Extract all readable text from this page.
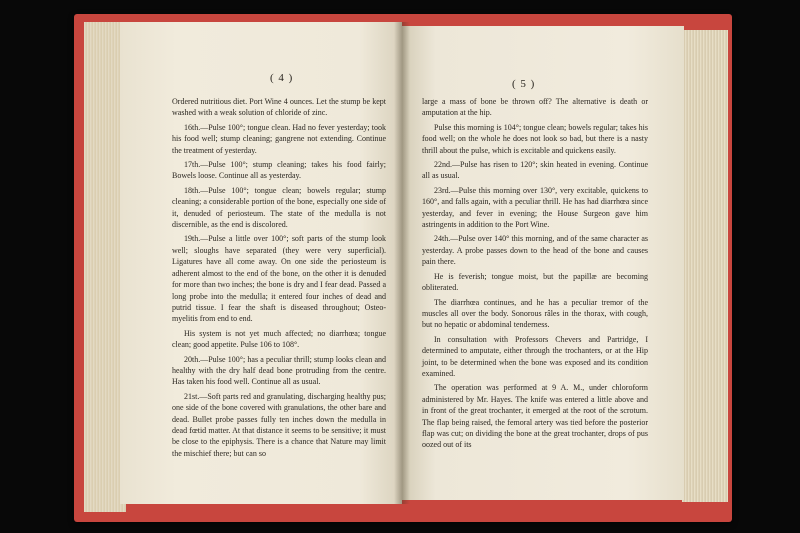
( 4 )

Ordered nutritious diet. Port Wine 4 ounces. Let the stump be kept washed with a weak solution of chloride of zinc.

16th.—Pulse 100°; tongue clean. Had no fever yesterday; took his food well; stump cleaning; gangrene not extending. Continue the treatment of yesterday.

17th.—Pulse 100°; stump cleaning; takes his food fairly; Bowels loose. Continue all as yesterday.

18th.—Pulse 100°; tongue clean; bowels regular; stump cleaning; a considerable portion of the bone, especially one side of it, denuded of periosteum. The state of the medulla is not discernible, as the end is discolored.

19th.—Pulse a little over 100°; soft parts of the stump look well; sloughs have separated (they were very superficial). Ligatures have all come away. On one side the periosteum is adherent almost to the end of the bone, on the other it is denuded for more than two inches; the bone is dry and I fear dead. Passed a long probe into the medulla; it entered four inches of dead and putrid tissue. I fear the shaft is diseased throughout; Osteo-myelitis from end to end.

His system is not yet much affected; no diarrhœa; tongue clean; good appetite. Pulse 106 to 108°.

20th.—Pulse 100°; has a peculiar thrill; stump looks clean and healthy with the dry half dead bone protruding from the centre. Has taken his food well. Continue all as usual.

21st.—Soft parts red and granulating, discharging healthy pus; one side of the bone covered with granulations, the other bare and dead. Bullet probe passes fully ten inches down the medulla in dead fœtid matter. At that distance it seems to be sensitive; it must be close to the epiphysis. There is a chance that Nature may limit the mischief there; but can so

( 5 )

large a mass of bone be thrown off? The alternative is death or amputation at the hip.

Pulse this morning is 104°; tongue clean; bowels regular; takes his food well; on the whole he does not look so bad, but there is a nasty thrill about the pulse, which is excitable and quickens easily.

22nd.—Pulse has risen to 120°; skin heated in evening. Continue all as usual.

23rd.—Pulse this morning over 130°, very excitable, quickens to 160°, and falls again, with a peculiar thrill. He has had diarrhœa since yesterday, and fever in evening; the House Surgeon gave him astringents in addition to the Port Wine.

24th.—Pulse over 140° this morning, and of the same character as yesterday. A probe passes down to the head of the bone and causes pain there.

He is feverish; tongue moist, but the papillæ are becoming obliterated.

The diarrhœa continues, and he has a peculiar tremor of the muscles all over the body. Sonorous râles in the thorax, with cough, but no hepatic or abdominal tenderness.

In consultation with Professors Chevers and Partridge, I determined to amputate, either through the trochanters, or at the Hip joint, to be determined when the bone was exposed and its condition examined.

The operation was performed at 9 A. M., under chloroform administered by Mr. Hayes. The knife was entered a little above and in front of the great trochanter, it emerged at the root of the scrotum. The flap being raised, the femoral artery was tied before the posterior flap was cut; on dividing the bone at the great trochanter, drops of pus oozed out of its
